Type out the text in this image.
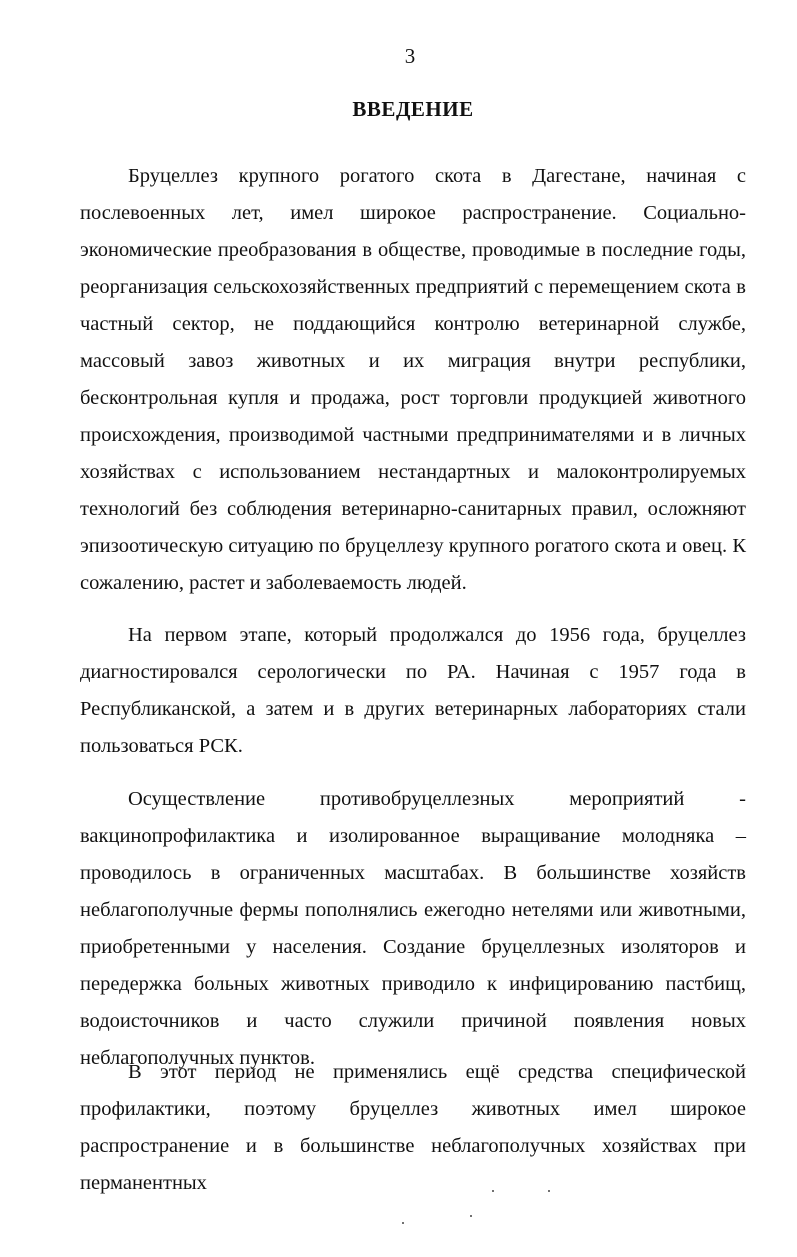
3
ВВЕДЕНИЕ

Бруцеллез крупного рогатого скота в Дагестане, начиная с послевоенных лет, имел широкое распространение. Социально-экономические преобразования в обществе, проводимые в последние годы, реорганизация сельскохозяйственных предприятий с перемещением скота в частный сектор, не поддающийся контролю ветеринарной службе, массовый завоз животных и их миграция внутри республики, бесконтрольная купля и продажа, рост торговли продукцией животного происхождения, производимой частными предпринимателями и в личных хозяйствах с использованием нестандартных и малоконтролируемых технологий без соблюдения ветеринарно-санитарных правил, осложняют эпизоотическую ситуацию по бруцеллезу крупного рогатого скота и овец. К сожалению, растет и заболеваемость людей.

На первом этапе, который продолжался до 1956 года, бруцеллез диагностировался серологически по РА. Начиная с 1957 года в Республиканской, а затем и в других ветеринарных лабораториях стали пользоваться РСК.

Осуществление противобруцеллезных мероприятий - вакцинопрофилактика и изолированное выращивание молодняка – проводилось в ограниченных масштабах. В большинстве хозяйств неблагополучные фермы пополнялись ежегодно нетелями или животными, приобретенными у населения. Создание бруцеллезных изоляторов и передержка больных животных приводило к инфицированию пастбищ, водоисточников и часто служили причиной появления новых неблагополучных пунктов.

В этот период не применялись ещё средства специфической профилактики, поэтому бруцеллез животных имел широкое распространение и в большинстве неблагополучных хозяйствах при перманентных
